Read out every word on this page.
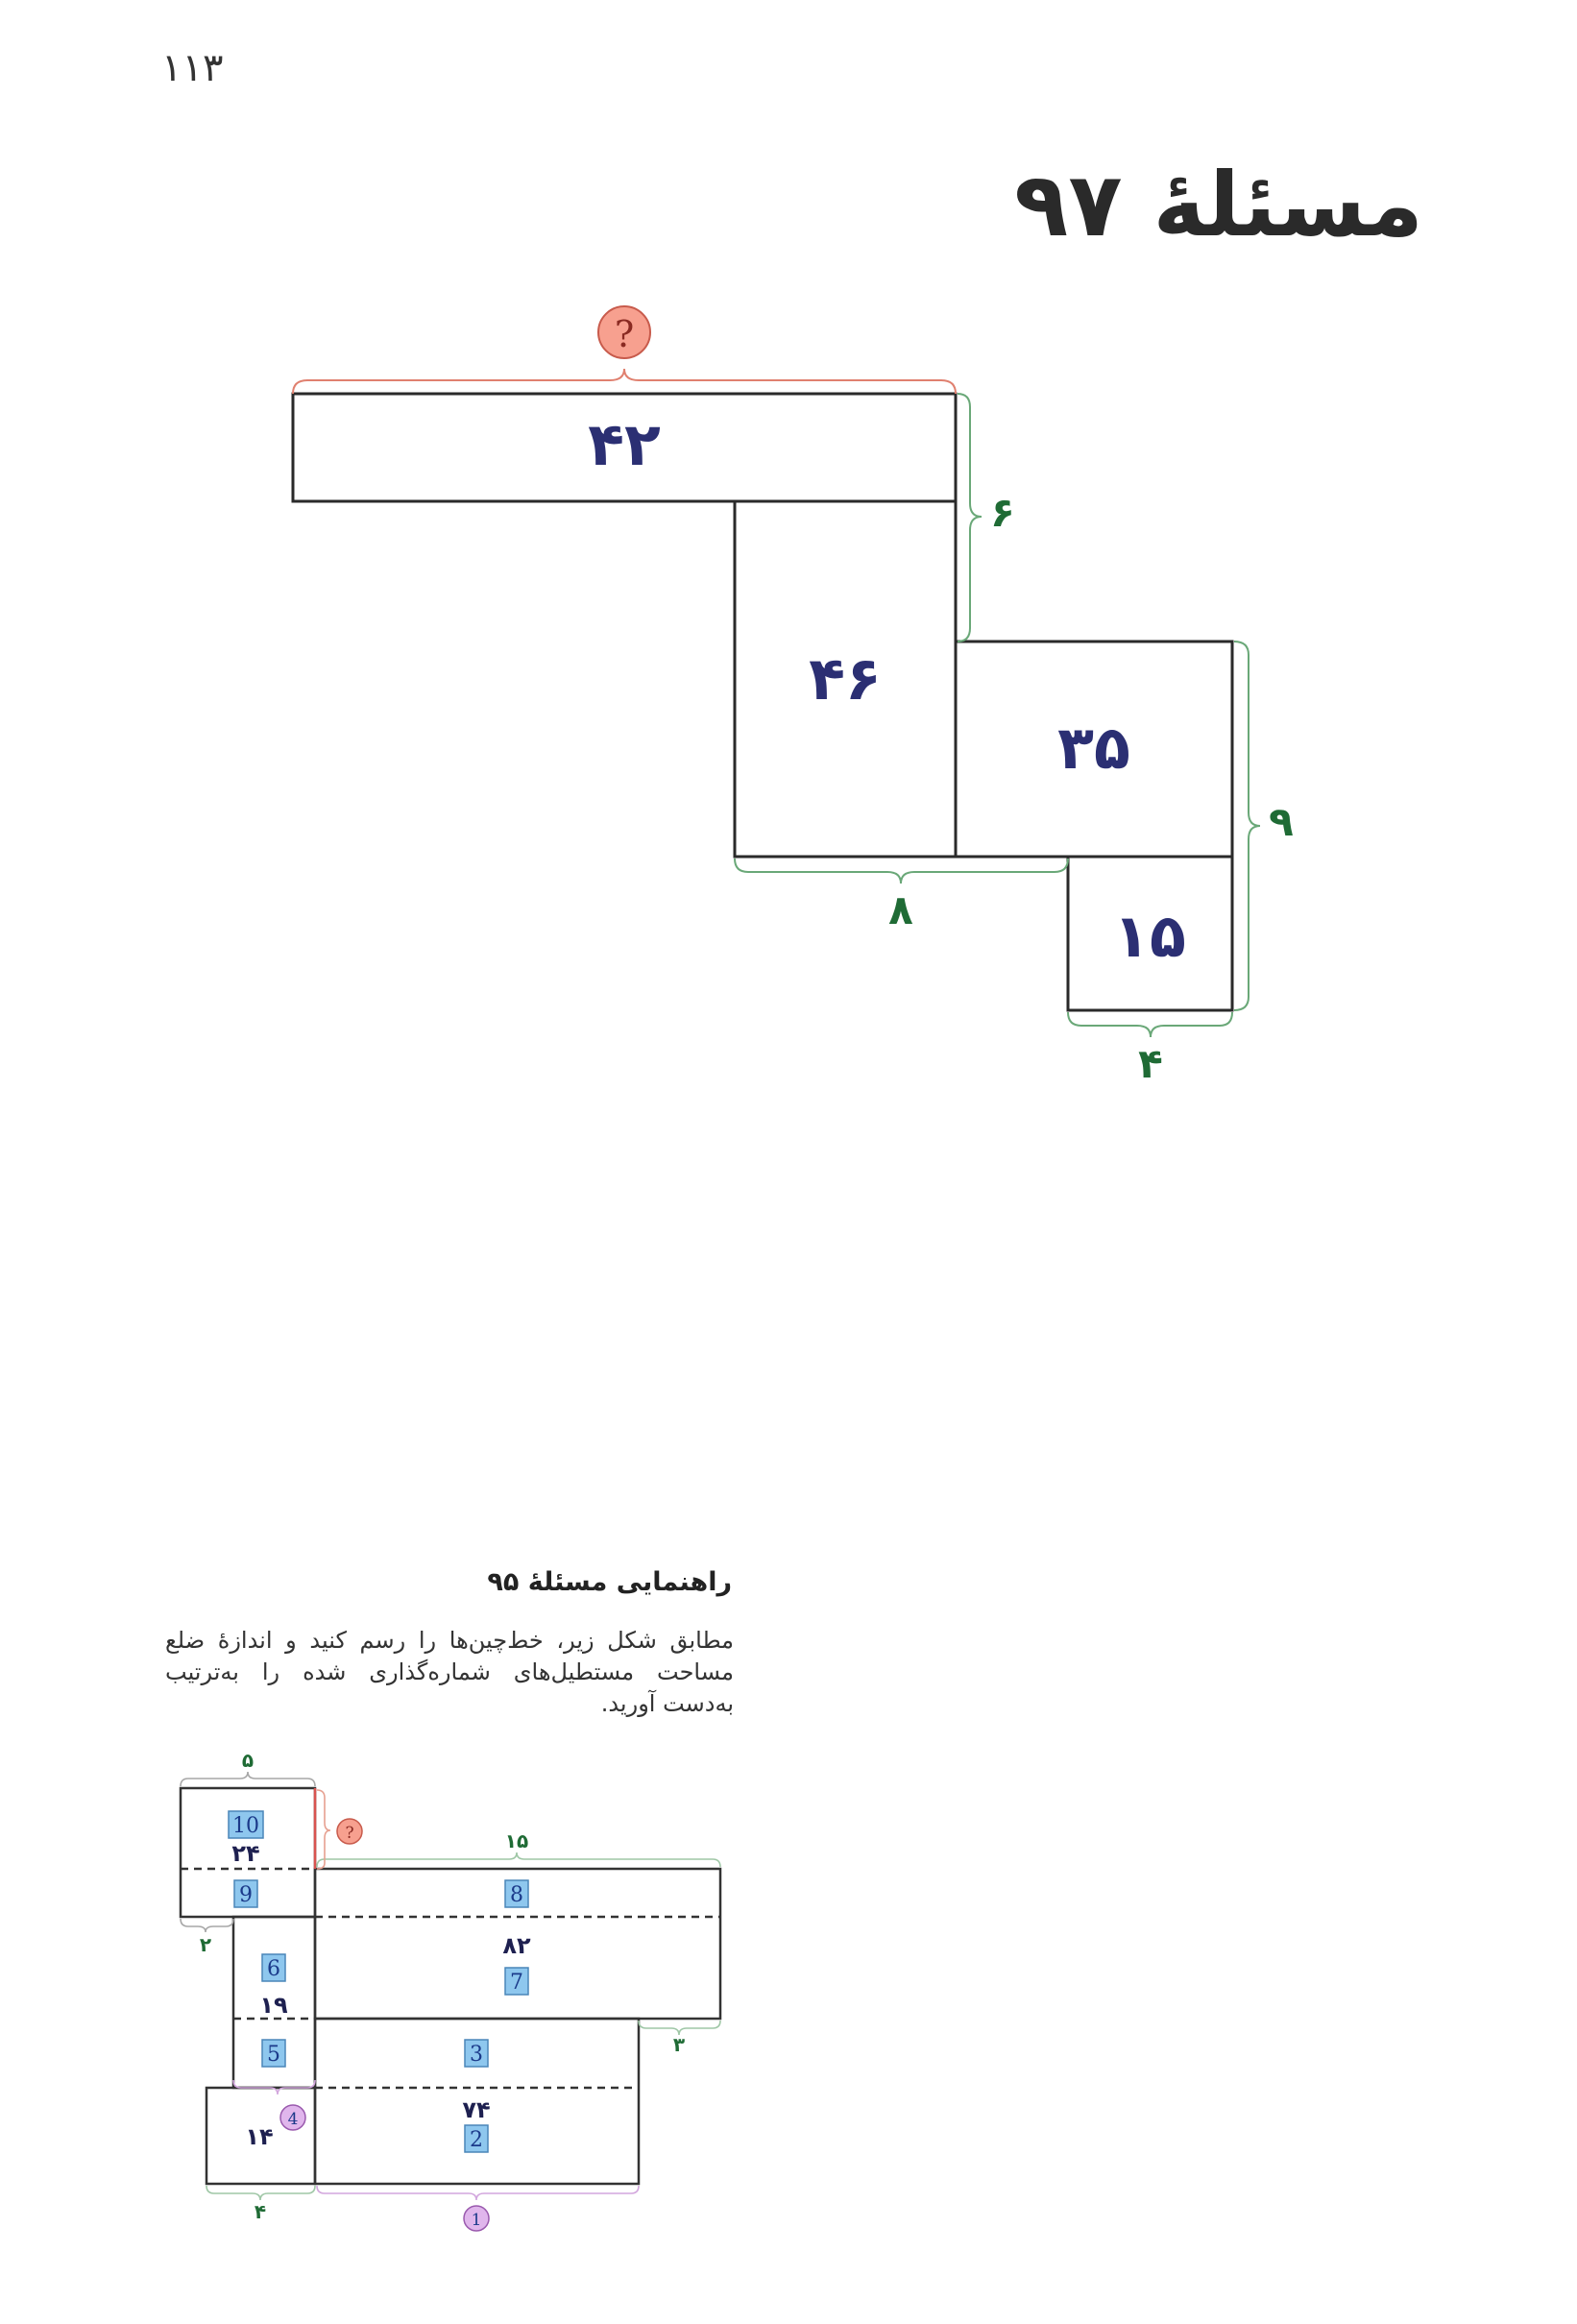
۱۱۳
مسئلهٔ ۹۷
?
۴۲
۴۶
۳۵
۱۵
۶
۹
۸
۴
۵
۱۵
۲
۳
۴
?
10
9	8
6
7
5	3
2
۲۴
۸۲
۱۹
۷۴
۱۴
4
1
راهنمایی مسئلهٔ ۹۵

مطابق شکل زیر، خط‌چین‌ها را رسم کنید و اندازهٔ ضلع مساحت مستطیل‌های شماره‌گذاری شده را به‌ترتیب به‌دست آورید.
